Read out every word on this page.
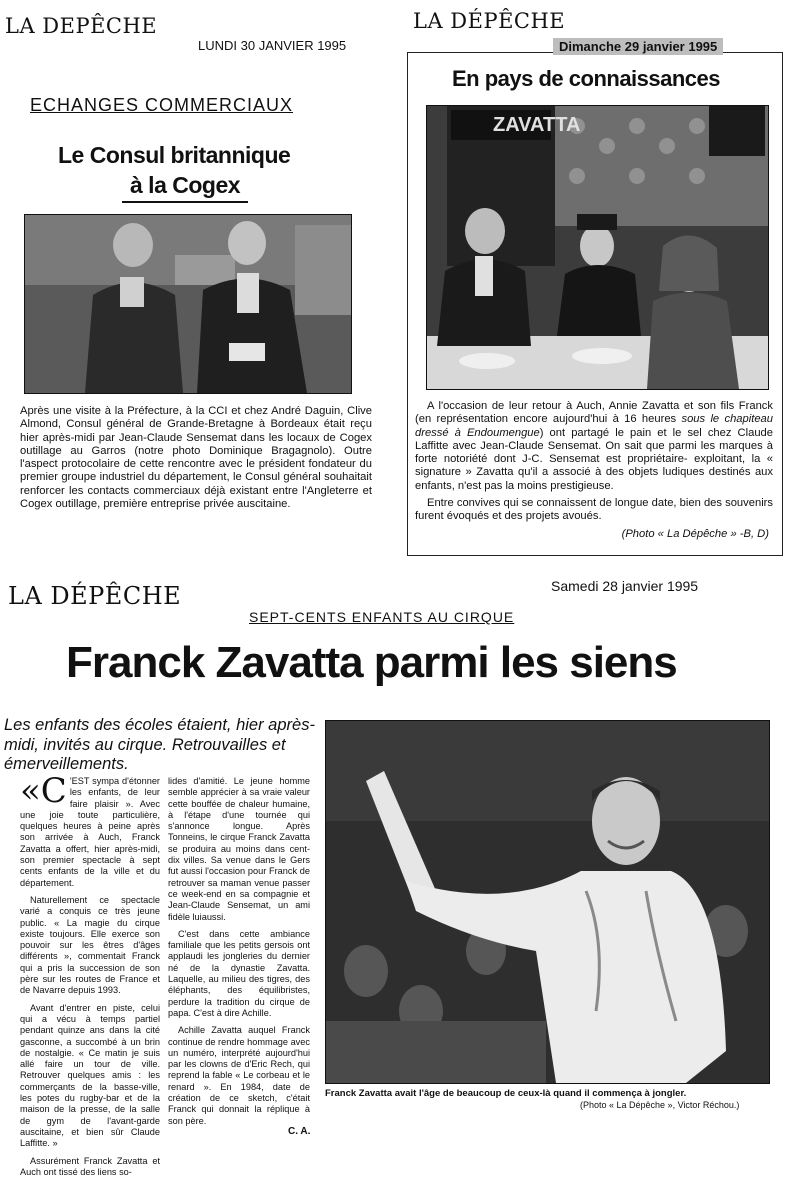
LA DEPÊCHE
LUNDI 30 JANVIER 1995
ECHANGES COMMERCIAUX
Le Consul britannique
à la Cogex
Après une visite à la Préfecture, à la CCI et chez André Daguin, Clive Almond, Consul général de Grande-Bretagne à Bordeaux était reçu hier après-midi par Jean-Claude Sensemat dans les locaux de Cogex outillage au Garros (notre photo Dominique Bragagnolo). Outre l'aspect protocolaire de cette rencontre avec le président fondateur du premier groupe industriel du département, le Consul général souhaitait renforcer les contacts commerciaux déjà existant entre l'Angleterre et Cogex outillage, première entreprise privée auscitaine.
LA DÉPÊCHE
Dimanche 29 janvier 1995
En pays de connaissances
ZAVATTA

A l'occasion de leur retour à Auch, Annie Zavatta et son fils Franck (en représentation encore aujourd'hui à 16 heures sous le chapiteau dressé à Endoumengue) ont partagé le pain et le sel chez Claude Laffitte avec Jean-Claude Sensemat. On sait que parmi les marques à forte notoriété dont J-C. Sensemat est propriétaire- exploitant, la « signature » Zavatta qu'il a associé à des objets ludiques destinés aux enfants, n'est pas la moins prestigieuse.

Entre convives qui se connaissent de longue date, bien des souvenirs furent évoqués et des projets avoués.

(Photo « La Dépêche » -B, D)
LA DÉPÊCHE	Samedi 28 janvier 1995
SEPT-CENTS ENFANTS AU CIRQUE
Franck Zavatta parmi les siens
Les enfants des écoles étaient, hier après-midi, invités au cirque. Retrouvailles et émerveillements.

«C 'EST sympa d'étonner les enfants, de leur faire plaisir ». Avec une joie toute particulière, quelques heures à peine après son arrivée à Auch, Franck Zavatta a offert, hier après-midi, son premier spectacle à sept cents enfants de la ville et du département.

Naturellement ce spectacle varié a conquis ce très jeune public. « La magie du cirque existe toujours. Elle exerce son pouvoir sur les êtres d'âges différents », commentait Franck qui a pris la succession de son père sur les routes de France et de Navarre depuis 1993.

Avant d'entrer en piste, celui qui a vécu à temps partiel pendant quinze ans dans la cité gasconne, a succombé à un brin de nostalgie. « Ce matin je suis allé faire un tour de ville. Retrouver quelques amis : les commerçants de la basse-ville, les potes du rugby-bar et de la maison de la presse, de la salle de gym de l'avant-garde auscitaine, et bien sûr Claude Laffitte. »

Assurément Franck Zavatta et Auch ont tissé des liens so-

lides d'amitié. Le jeune homme semble apprécier à sa vraie valeur cette bouffée de chaleur humaine, à l'étape d'une tournée qui s'annonce longue. Après Tonneins, le cirque Franck Zavatta se produira au moins dans cent-dix villes. Sa venue dans le Gers fut aussi l'occasion pour Franck de retrouver sa maman venue passer ce week-end en sa compagnie et Jean-Claude Sensemat, un ami fidèle luiaussi.

C'est dans cette ambiance familiale que les petits gersois ont applaudi les jongleries du dernier né de la dynastie Zavatta. Laquelle, au milieu des tigres, des éléphants, des équilibristes, perdure la tradition du cirque de papa. C'est à dire Achille.

Achille Zavatta auquel Franck continue de rendre hommage avec un numéro, interprété aujourd'hui par les clowns de d'Eric Rech, qui reprend la fable « Le corbeau et le renard ». En 1984, date de création de ce sketch, c'était Franck qui donnait la réplique à son père.

Franck Zavatta avait l'âge de beaucoup de ceux-là quand il commença à jongler.
(Photo « La Dépêche », Victor Réchou.)
C. A.
